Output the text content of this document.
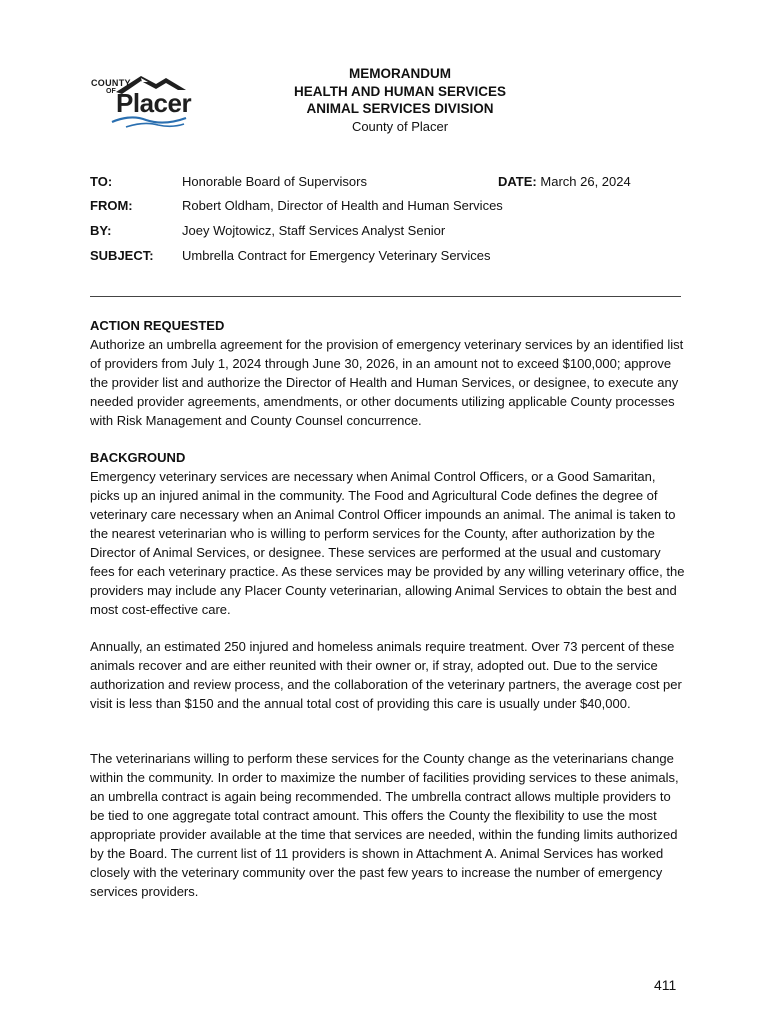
COUNTY
OF Placer
MEMORANDUM
HEALTH AND HUMAN SERVICES
ANIMAL SERVICES DIVISION
County of Placer
TO:	Honorable Board of Supervisors	DATE: March 26, 2024
FROM:	Robert Oldham, Director of Health and Human Services
BY:	Joey Wojtowicz, Staff Services Analyst Senior
SUBJECT: Umbrella Contract for Emergency Veterinary Services
ACTION REQUESTED
Authorize an umbrella agreement for the provision of emergency veterinary services by an identified list of providers from July 1, 2024 through June 30, 2026, in an amount not to exceed $100,000; approve the provider list and authorize the Director of Health and Human Services, or designee, to execute any needed provider agreements, amendments, or other documents utilizing applicable County processes with Risk Management and County Counsel concurrence.
BACKGROUND
Emergency veterinary services are necessary when Animal Control Officers, or a Good Samaritan, picks up an injured animal in the community. The Food and Agricultural Code defines the degree of veterinary care necessary when an Animal Control Officer impounds an animal. The animal is taken to the nearest veterinarian who is willing to perform services for the County, after authorization by the Director of Animal Services, or designee. These services are performed at the usual and customary fees for each veterinary practice. As these services may be provided by any willing veterinary office, the providers may include any Placer County veterinarian, allowing Animal Services to obtain the best and most cost-effective care.
Annually, an estimated 250 injured and homeless animals require treatment. Over 73 percent of these animals recover and are either reunited with their owner or, if stray, adopted out. Due to the service authorization and review process, and the collaboration of the veterinary partners, the average cost per visit is less than $150 and the annual total cost of providing this care is usually under $40,000.
The veterinarians willing to perform these services for the County change as the veterinarians change within the community. In order to maximize the number of facilities providing services to these animals, an umbrella contract is again being recommended. The umbrella contract allows multiple providers to be tied to one aggregate total contract amount. This offers the County the flexibility to use the most appropriate provider available at the time that services are needed, within the funding limits authorized by the Board. The current list of 11 providers is shown in Attachment A. Animal Services has worked closely with the veterinary community over the past few years to increase the number of emergency services providers.
411
